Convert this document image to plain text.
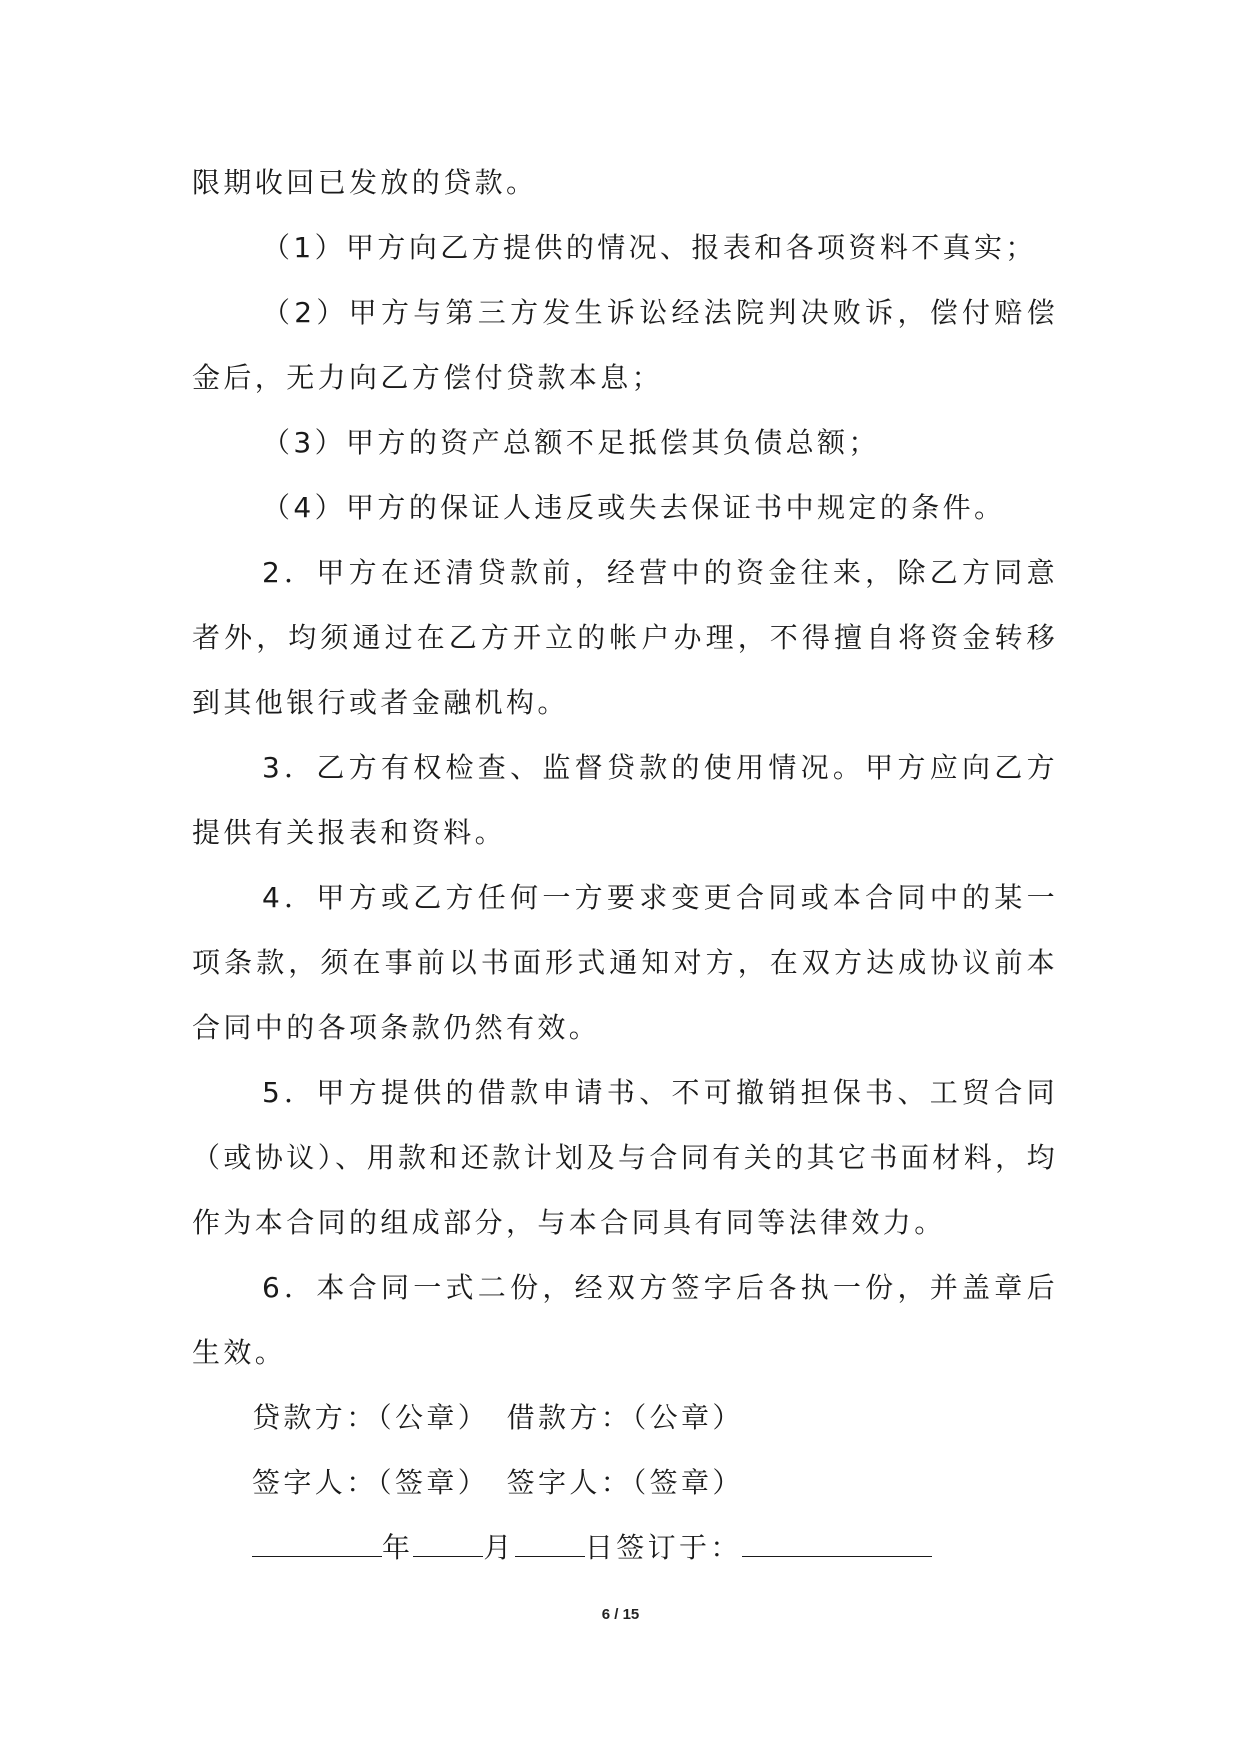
限期收回已发放的贷款。

（1）甲方向乙方提供的情况、报表和各项资料不真实；

（2）甲方与第三方发生诉讼经法院判决败诉，偿付赔偿金后，无力向乙方偿付贷款本息；

（3）甲方的资产总额不足抵偿其负债总额；

（4）甲方的保证人违反或失去保证书中规定的条件。

2．甲方在还清贷款前，经营中的资金往来，除乙方同意者外，均须通过在乙方开立的帐户办理，不得擅自将资金转移到其他银行或者金融机构。

3．乙方有权检查、监督贷款的使用情况。甲方应向乙方提供有关报表和资料。

4．甲方或乙方任何一方要求变更合同或本合同中的某一项条款，须在事前以书面形式通知对方，在双方达成协议前本合同中的各项条款仍然有效。

5．甲方提供的借款申请书、不可撤销担保书、工贸合同（或协议）、用款和还款计划及与合同有关的其它书面材料，均作为本合同的组成部分，与本合同具有同等法律效力。

6．本合同一式二份，经双方签字后各执一份，并盖章后生效。

贷款方：（公章）　借款方：（公章）

签字人：（签章）　签字人：（签章）

年	月	日签订于：

6 / 15
